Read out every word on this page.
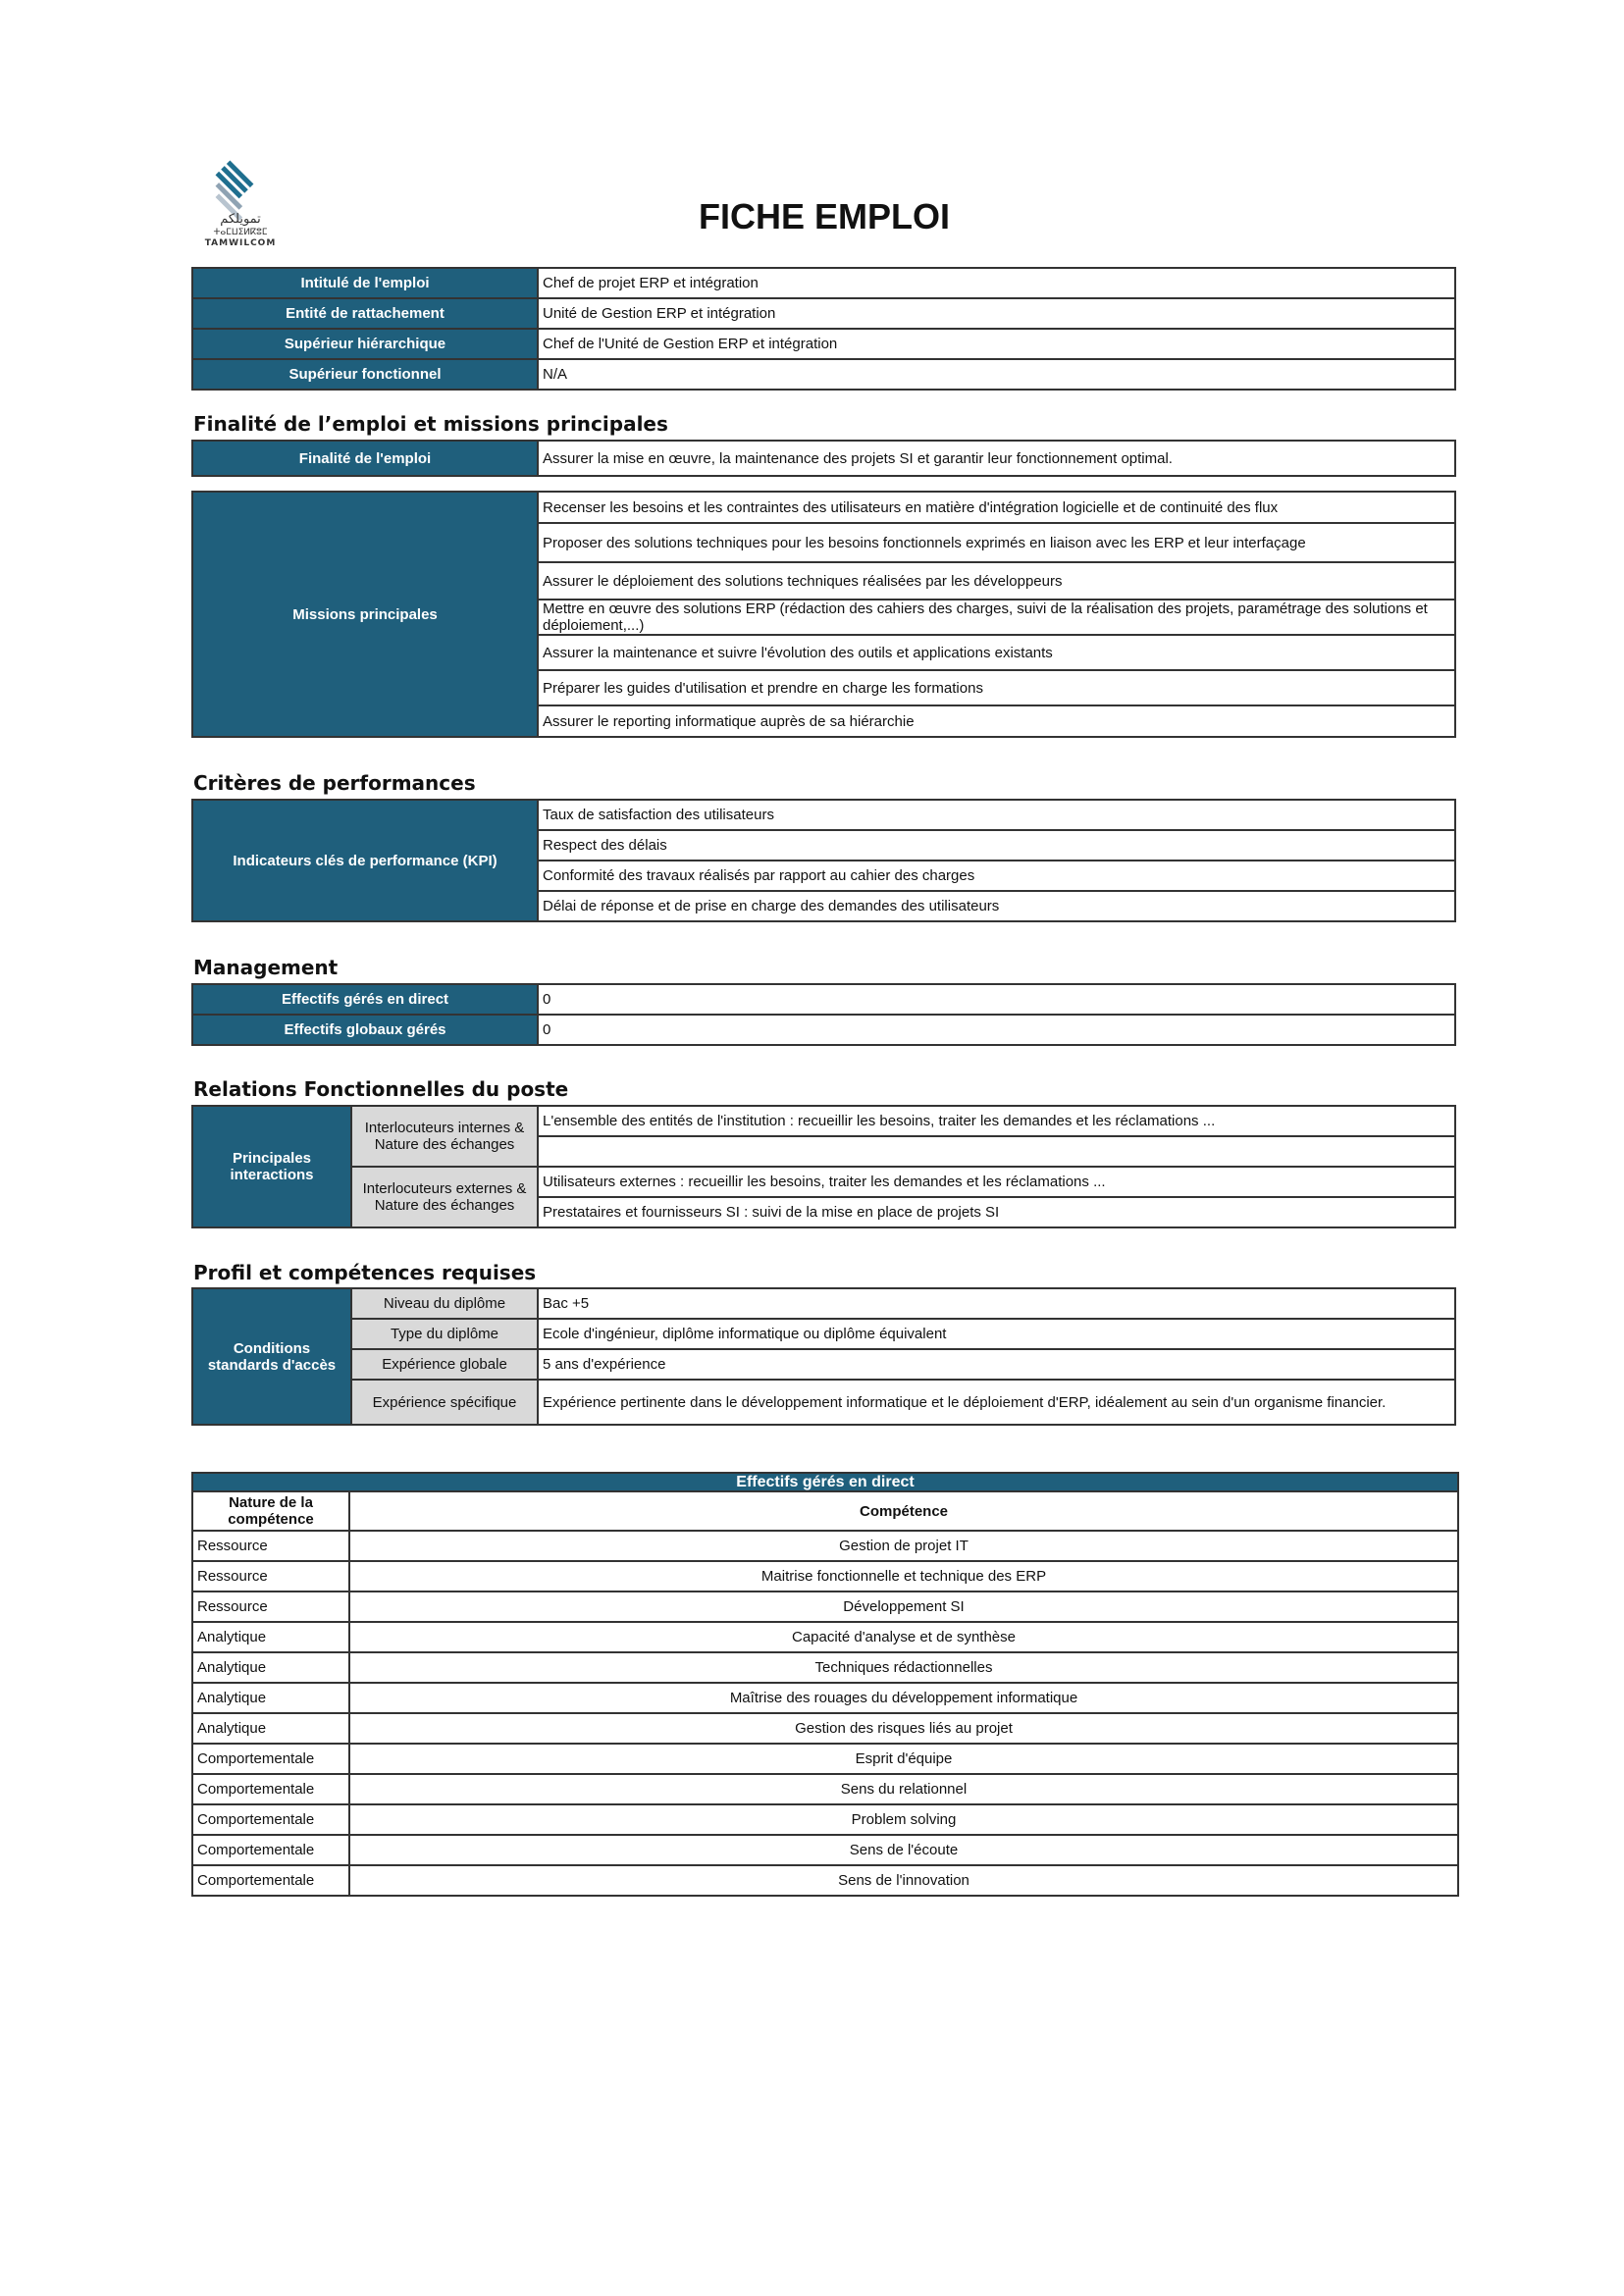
تمويلكم
ⵜⴰⵎⵡⵉⵍⴽⵓⵎ
TAMWILCOM
FICHE EMPLOI
Intitulé de l'emploi	Chef de projet ERP et intégration
Entité de rattachement	Unité de Gestion ERP et intégration
Supérieur hiérarchique	Chef de l'Unité de Gestion ERP et intégration
Supérieur fonctionnel	N/A
Finalité de l’emploi et missions principales
Finalité de l'emploi	Assurer la mise en œuvre, la maintenance des projets SI et garantir leur fonctionnement optimal.
Missions principales	Recenser les besoins et les contraintes des utilisateurs en matière d'intégration logicielle et de continuité des flux
Proposer des solutions techniques pour les besoins fonctionnels exprimés en liaison avec les ERP et leur interfaçage
Assurer le déploiement des solutions techniques réalisées par les développeurs
Mettre en œuvre des solutions ERP (rédaction des cahiers des charges, suivi de la réalisation des projets, paramétrage des solutions et déploiement,...)
Assurer la maintenance et suivre l'évolution des outils et applications existants
Préparer les guides d'utilisation et prendre en charge les formations
Assurer le reporting informatique auprès de sa hiérarchie
Critères de performances
Indicateurs clés de performance (KPI)	Taux de satisfaction des utilisateurs
Respect des délais
Conformité des travaux réalisés par rapport au cahier des charges
Délai de réponse et de prise en charge des demandes des utilisateurs
Management
Effectifs gérés en direct	0
Effectifs globaux gérés	0
Relations Fonctionnelles du poste
Principales interactions	Interlocuteurs internes & Nature des échanges	L'ensemble des entités de l'institution : recueillir les besoins, traiter les demandes et les réclamations ...

	Interlocuteurs externes & Nature des échanges	Utilisateurs externes : recueillir les besoins, traiter les demandes et les réclamations ...
		Prestataires et fournisseurs SI : suivi de la mise en place de projets SI
Profil et compétences requises
Conditions standards d'accès	Niveau du diplôme	Bac +5
	Type du diplôme	Ecole d'ingénieur, diplôme informatique ou diplôme équivalent
	Expérience globale	5 ans d'expérience
	Expérience spécifique	Expérience pertinente dans le développement informatique et le déploiement d'ERP, idéalement au sein d'un organisme financier.
Effectifs gérés en direct	
Nature de la compétence	Compétence
Ressource	Gestion de projet IT
Ressource	Maitrise fonctionnelle et technique des ERP
Ressource	Développement SI
Analytique	Capacité d'analyse et de synthèse
Analytique	Techniques rédactionnelles
Analytique	Maîtrise des rouages du développement informatique
Analytique	Gestion des risques liés au projet
Comportementale	Esprit d'équipe
Comportementale	Sens du relationnel
Comportementale	Problem solving
Comportementale	Sens de l'écoute
Comportementale	Sens de l'innovation
